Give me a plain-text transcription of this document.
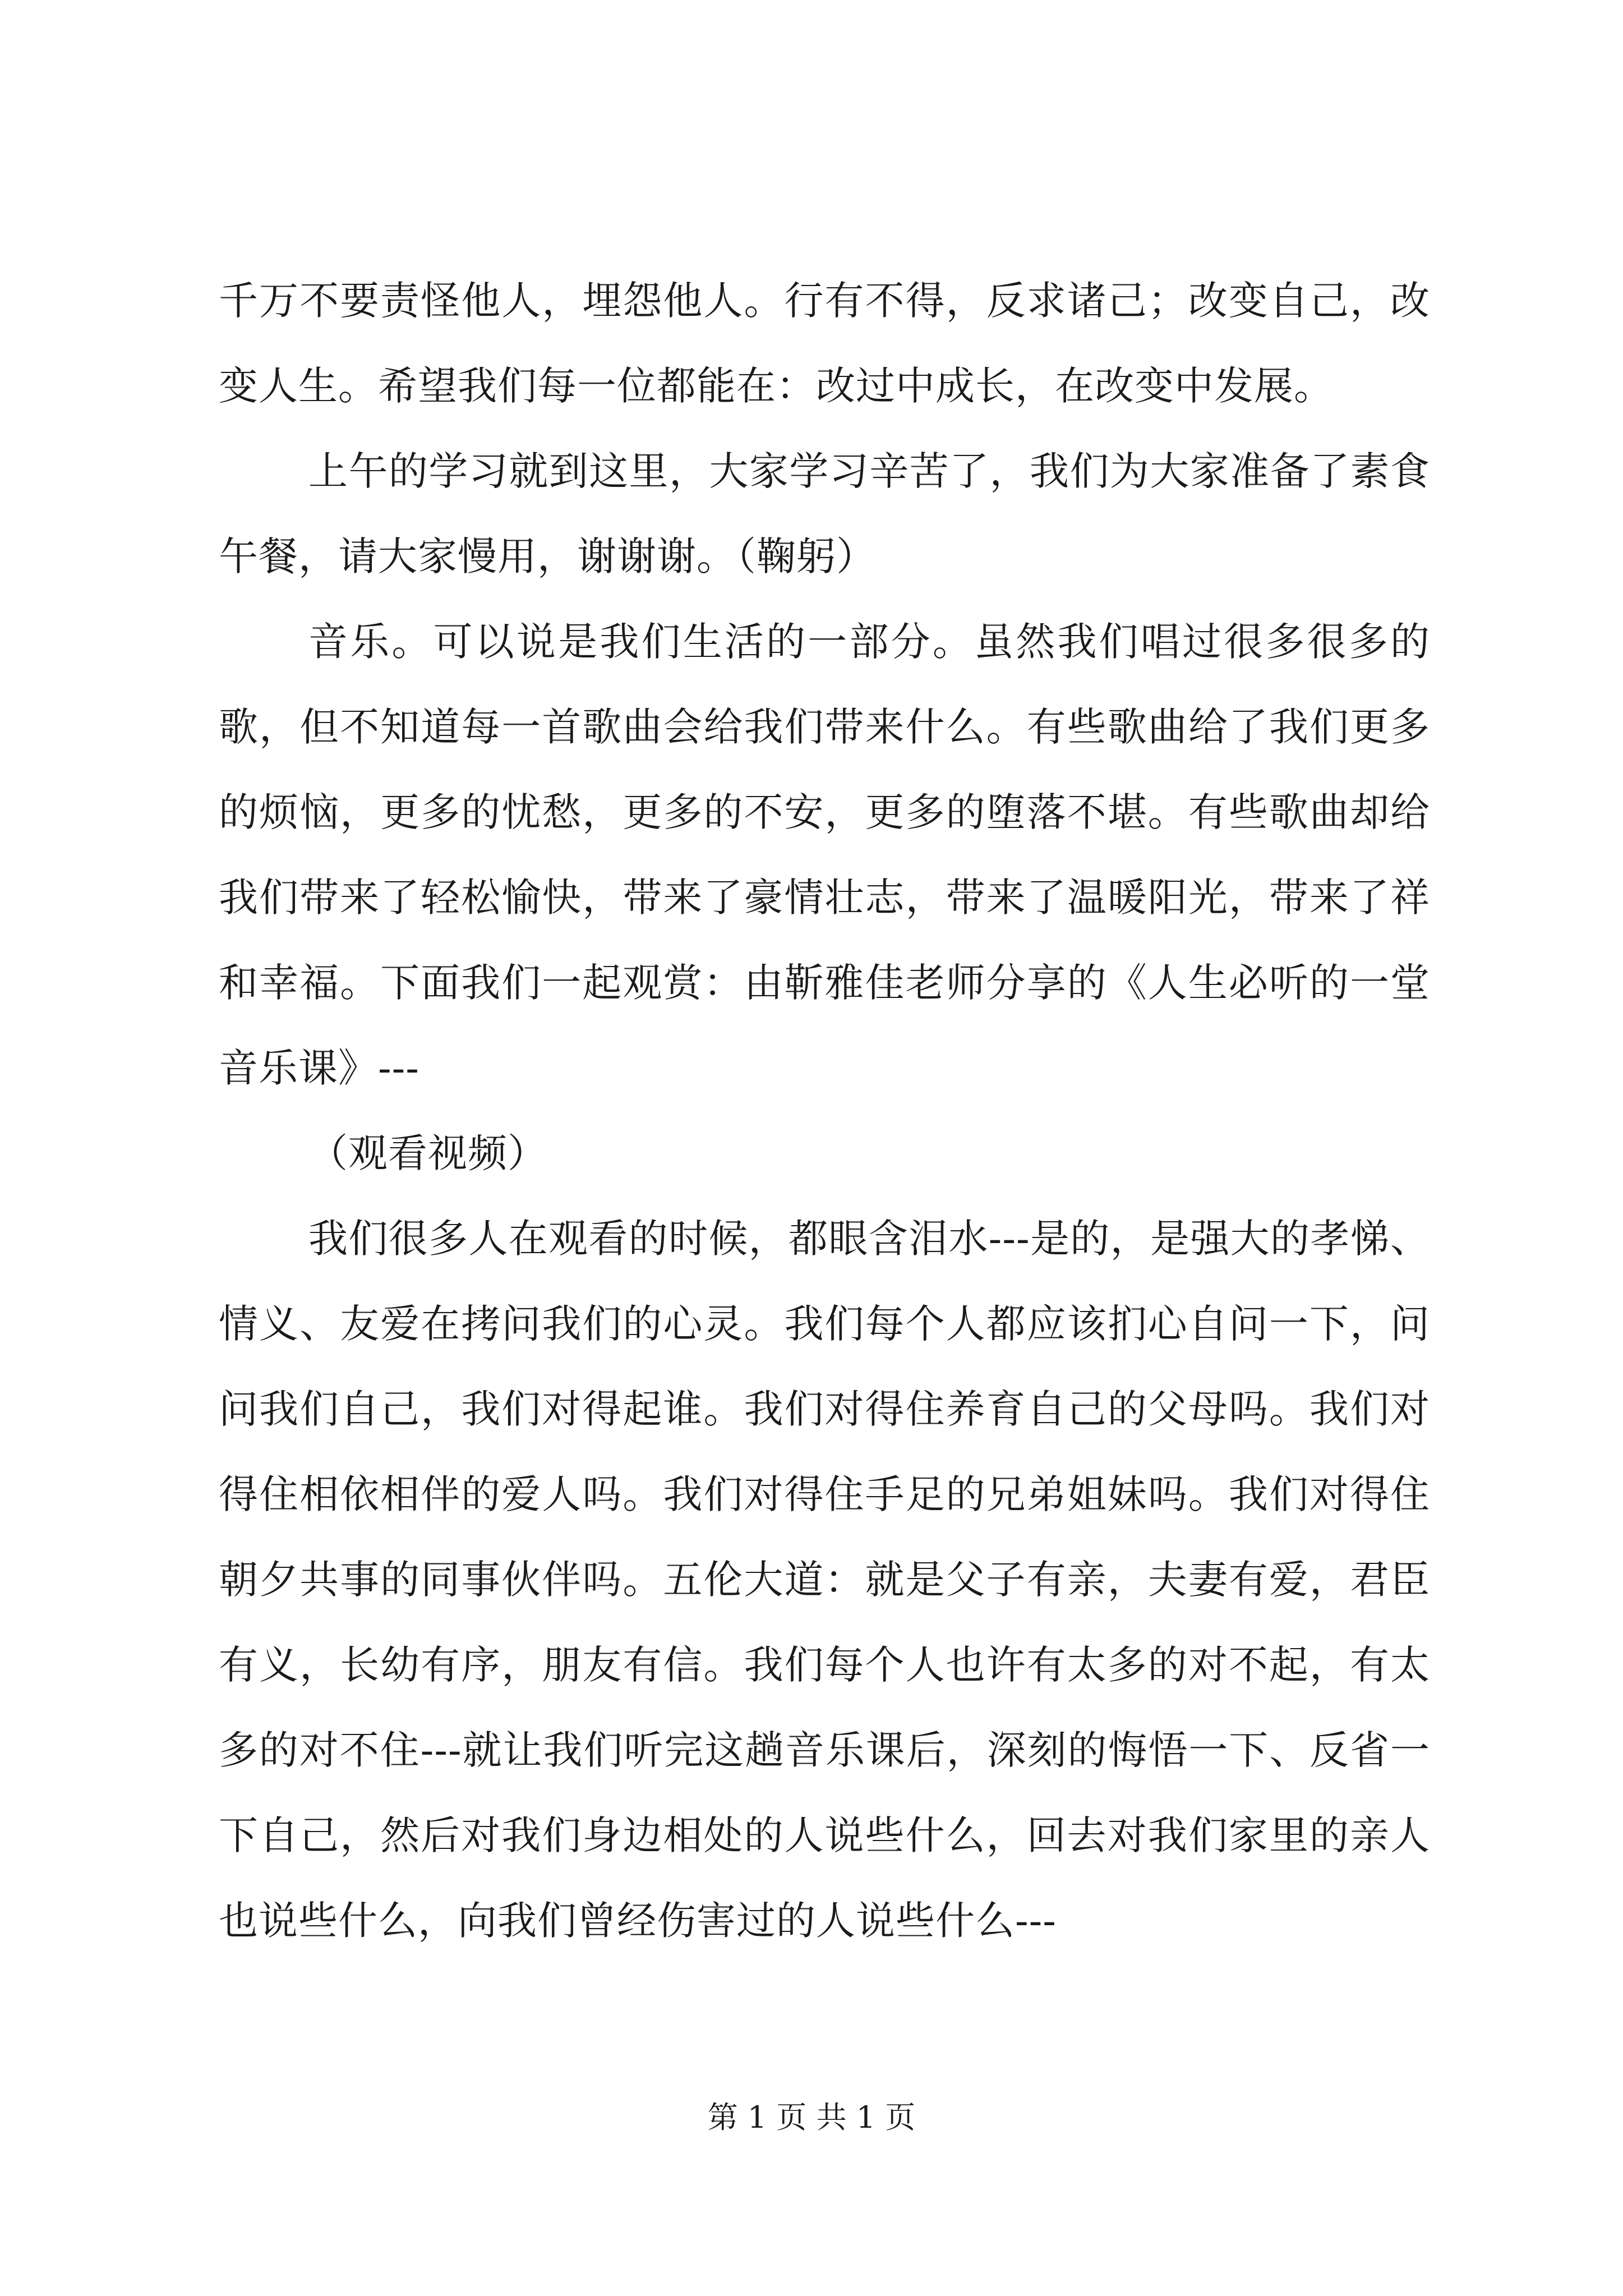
千万不要责怪他人，埋怨他人。行有不得，反求诸己；改变自己，改变人生。希望我们每一位都能在：改过中成长，在改变中发展。

上午的学习就到这里，大家学习辛苦了，我们为大家准备了素食午餐，请大家慢用，谢谢谢。（鞠躬）

音乐。可以说是我们生活的一部分。虽然我们唱过很多很多的歌，但不知道每一首歌曲会给我们带来什么。有些歌曲给了我们更多的烦恼，更多的忧愁，更多的不安，更多的堕落不堪。有些歌曲却给我们带来了轻松愉快，带来了豪情壮志，带来了温暖阳光，带来了祥和幸福。下面我们一起观赏：由靳雅佳老师分享的《人生必听的一堂音乐课》---

（观看视频）

我们很多人在观看的时候，都眼含泪水---是的，是强大的孝悌、情义、友爱在拷问我们的心灵。我们每个人都应该扪心自问一下，问问我们自己，我们对得起谁。我们对得住养育自己的父母吗。我们对得住相依相伴的爱人吗。我们对得住手足的兄弟姐妹吗。我们对得住朝夕共事的同事伙伴吗。五伦大道：就是父子有亲，夫妻有爱，君臣有义，长幼有序，朋友有信。我们每个人也许有太多的对不起，有太多的对不住---就让我们听完这趟音乐课后，深刻的悔悟一下、反省一下自己，然后对我们身边相处的人说些什么，回去对我们家里的亲人也说些什么，向我们曾经伤害过的人说些什么---

第 1 页 共 1 页
